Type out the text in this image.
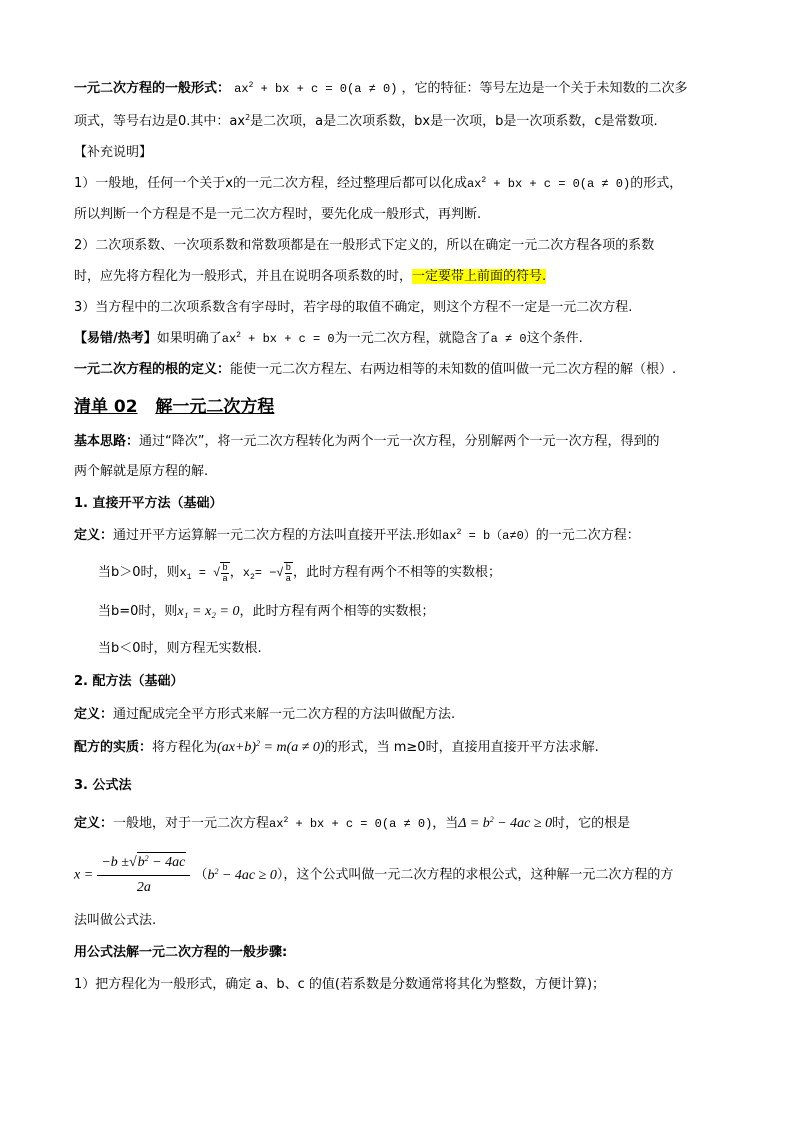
一元二次方程的一般形式： $ax^2$ + bx + c = 0(a ≠ 0) ，它的特征：等号左边是一个关于未知数的二次多
项式，等号右边是0.其中：$ax^2$是二次项，a是二次项系数，bx是一次项，b是一次项系数，c是常数项.
【补充说明】
1）一般地，任何一个关于x的一元二次方程，经过整理后都可以化成$ax^2$ + bx + c = 0(a ≠ 0)的形式，
所以判断一个方程是不是一元二次方程时，要先化成一般形式，再判断.
2）二次项系数、一次项系数和常数项都是在一般形式下定义的，所以在确定一元二次方程各项的系数
时，应先将方程化为一般形式，并且在说明各项系数的时，一定要带上前面的符号.
3）当方程中的二次项系数含有字母时，若字母的取值不确定，则这个方程不一定是一元二次方程.
【易错/热考】如果明确了$ax^2$ + bx + c = 0为一元二次方程，就隐含了a ≠ 0这个条件.
一元二次方程的根的定义：能使一元二次方程左、右两边相等的未知数的值叫做一元二次方程的解（根）.
清单 02 解一元二次方程
基本思路：通过“降次”，将一元二次方程转化为两个一元一次方程，分别解两个一元一次方程，得到的
两个解就是原方程的解.
1. 直接开平方法（基础）
定义：通过开平方运算解一元二次方程的方法叫直接开平法.形如$ax^2 = b(a\ne 0)$的一元二次方程：
当b＞0时，则$x_1$ = √ $\frac{b}{a}$ ，$x_2=$ −√ $\frac{b}{a}$ ，此时方程有两个不相等的实数根；
当b=0时，则x₁ = x₂ = 0，此时方程有两个相等的实数根；
当b＜0时，则方程无实数根.
2. 配方法（基础）
定义：通过配成完全平方形式来解一元二次方程的方法叫做配方法.
配方的实质：将方程化为$(ax+b)^2 = m(a \ne 0)$的形式，当 m≥0时，直接用直接开平方法求解.
3. 公式法
定义：一般地，对于一元二次方程$ax^2$ + bx + c = 0(a ≠ 0)，当$\Delta = b^2 - 4ac \ge 0$时，它的根是
$x = \frac{-b \pm√b^2 - 4ac}{2a} (b^2 - 4ac \ge 0)$，这个公式叫做一元二次方程的求根公式，这种解一元二次方程的方
法叫做公式法.
用公式法解一元二次方程的一般步骤:
1）把方程化为一般形式，确定 a、b、c 的值(若系数是分数通常将其化为整数，方便计算)；
